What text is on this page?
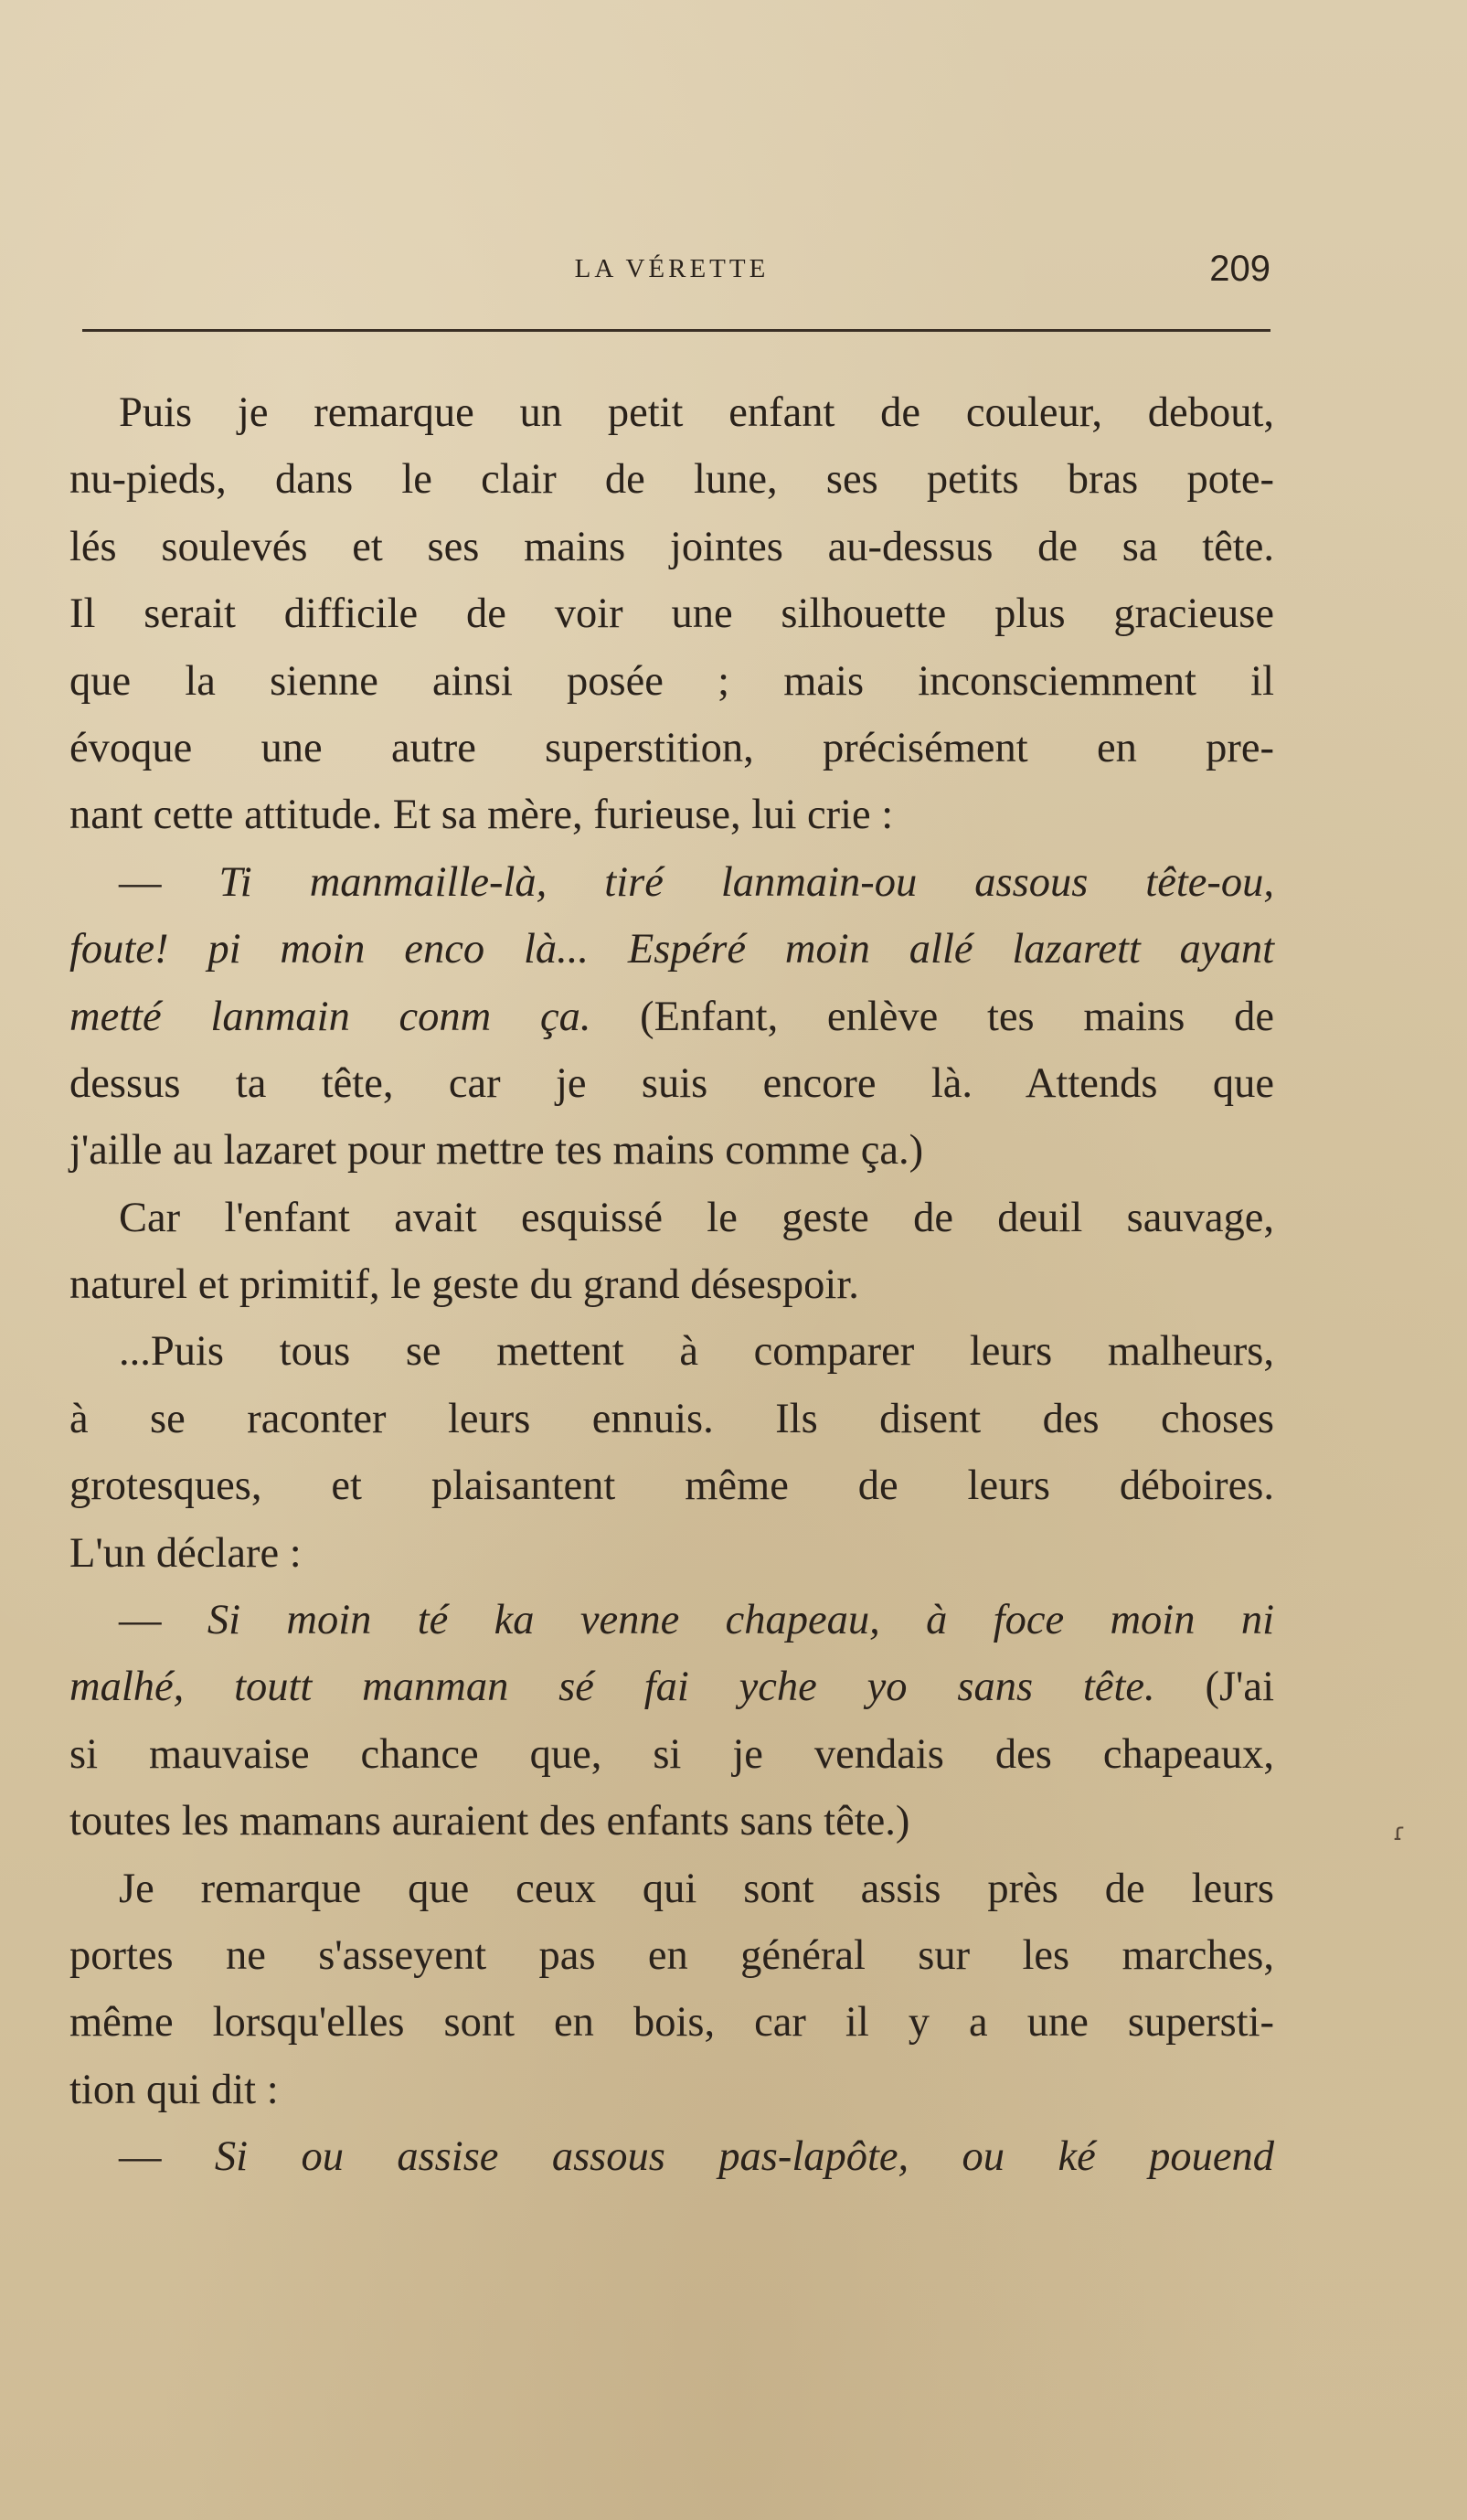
LA VÉRETTE	209
Puis je remarque un petit enfant de couleur, debout,
nu-pieds, dans le clair de lune, ses petits bras pote-
lés soulevés et ses mains jointes au-dessus de sa tête.
Il serait difficile de voir une silhouette plus gracieuse
que la sienne ainsi posée ; mais inconsciemment il
évoque une autre superstition, précisément en pre-
nant cette attitude. Et sa mère, furieuse, lui crie :
— Ti manmaille-là, tiré lanmain-ou assous tête-ou,
foute! pi moin enco là... Espéré moin allé lazarett ayant
metté lanmain conm ça. (Enfant, enlève tes mains de
dessus ta tête, car je suis encore là. Attends que
j'aille au lazaret pour mettre tes mains comme ça.)
Car l'enfant avait esquissé le geste de deuil sauvage,
naturel et primitif, le geste du grand désespoir.
...Puis tous se mettent à comparer leurs malheurs,
à se raconter leurs ennuis. Ils disent des choses
grotesques, et plaisantent même de leurs déboires.
L'un déclare :
— Si moin té ka venne chapeau, à foce moin ni
malhé, toutt manman sé fai yche yo sans tête. (J'ai
si mauvaise chance que, si je vendais des chapeaux,
toutes les mamans auraient des enfants sans tête.)
Je remarque que ceux qui sont assis près de leurs
portes ne s'asseyent pas en général sur les marches,
même lorsqu'elles sont en bois, car il y a une supersti-
tion qui dit :
— Si ou assise assous pas-lapôte, ou ké pouend
ɾ
